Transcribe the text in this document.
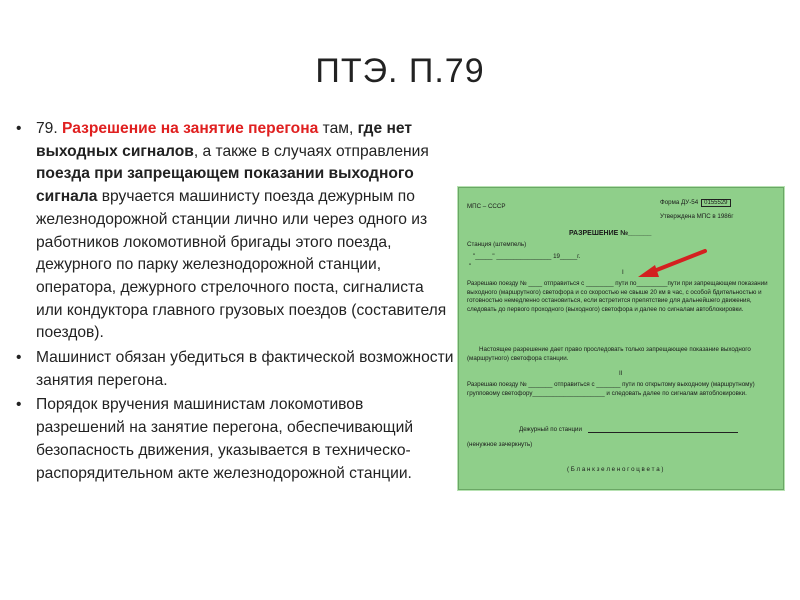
ПТЭ. П.79
• 79. Разрешение на занятие перегона там, где нет выходных сигналов, а также в случаях отправления поезда при запрещающем показании выходного сигнала вручается машинисту поезда дежурным по железнодорожной станции лично или через одного из работников локомотивной бригады этого поезда, дежурного по парку железнодорожной станции, оператора, дежурного стрелочного поста, сигналиста или кондуктора главного грузовых поездов (составителя поездов).
• Машинист обязан убедиться в фактической возможности занятия перегона.
• Порядок вручения машинистам локомотивов разрешений на занятие перегона, обеспечивающий безопасность движения, указывается в техническо-распорядительном акте железнодорожной станции.
МПС – СССР
Форма ДУ-54 0155529
Утверждена МПС в 1986г
РАЗРЕШЕНИЕ №______
Станция (штемпель)
"_____" ________________ 19_____г.
"
I
Разрешаю поезду № ____ отправиться с ________ пути по_________пути при запрещающем показании выходного (маршрутного) светофора и со скоростью не свыше 20 км в час, с особой бдительностью и готовностью немедленно остановиться, если встретится препятствие для дальнейшего движения, следовать до первого проходного (выходного) светофора и далее по сигналам автоблокировки.
Настоящее разрешение дает право проследовать только запрещающее показание выходного (маршрутного) светофора станции.
II
Разрешаю поезду № _______ отправиться с _______ пути по открытому выходному (маршрутному) групповому светофору_____________________ и следовать далее по сигналам автоблокировки.
Дежурный по станции
(ненужное зачеркнуть)
( Б л а н к з е л е н о г о ц в е т а )
